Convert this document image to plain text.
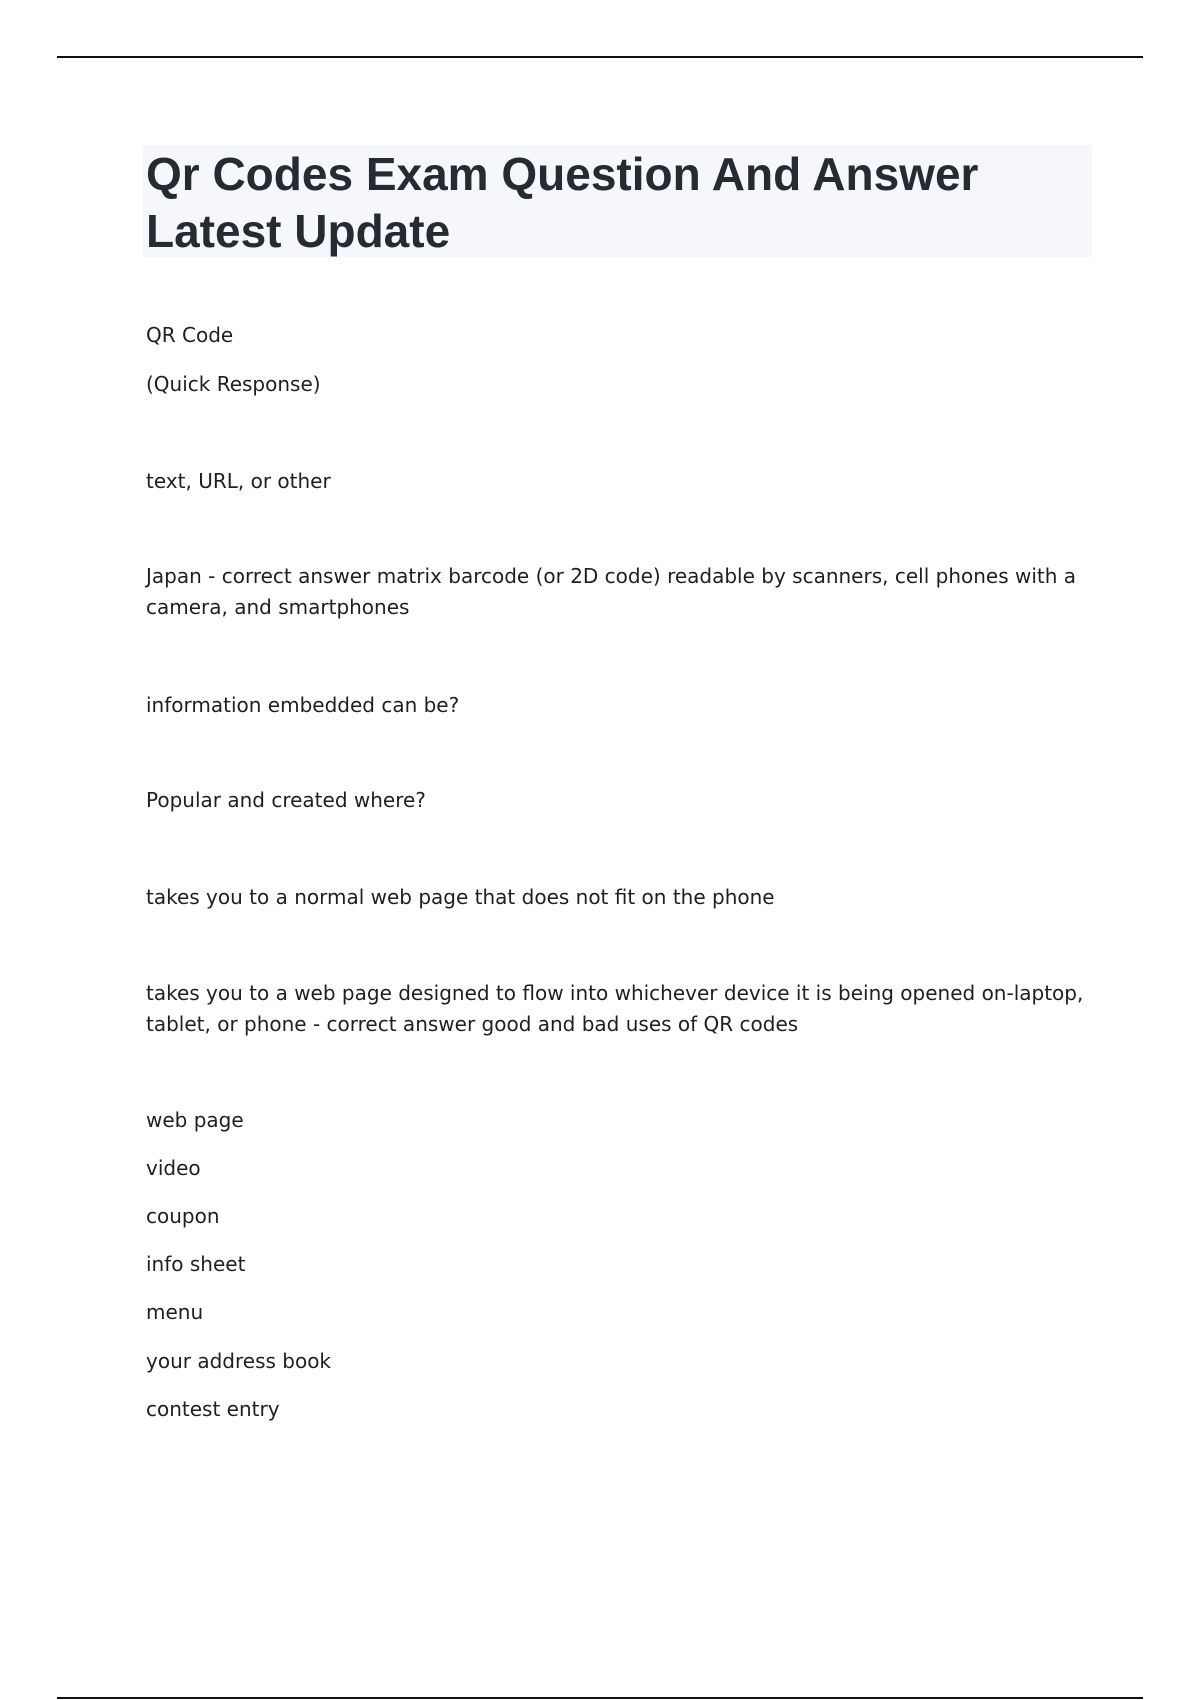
Qr Codes Exam Question And Answer
Latest Update

QR Code

(Quick Response)

text, URL, or other

Japan - correct answer matrix barcode (or 2D code) readable by scanners, cell phones with a
camera, and smartphones

information embedded can be?

Popular and created where?

takes you to a normal web page that does not fit on the phone

takes you to a web page designed to flow into whichever device it is being opened on-laptop,
tablet, or phone - correct answer good and bad uses of QR codes

web page

video

coupon

info sheet

menu

your address book

contest entry
